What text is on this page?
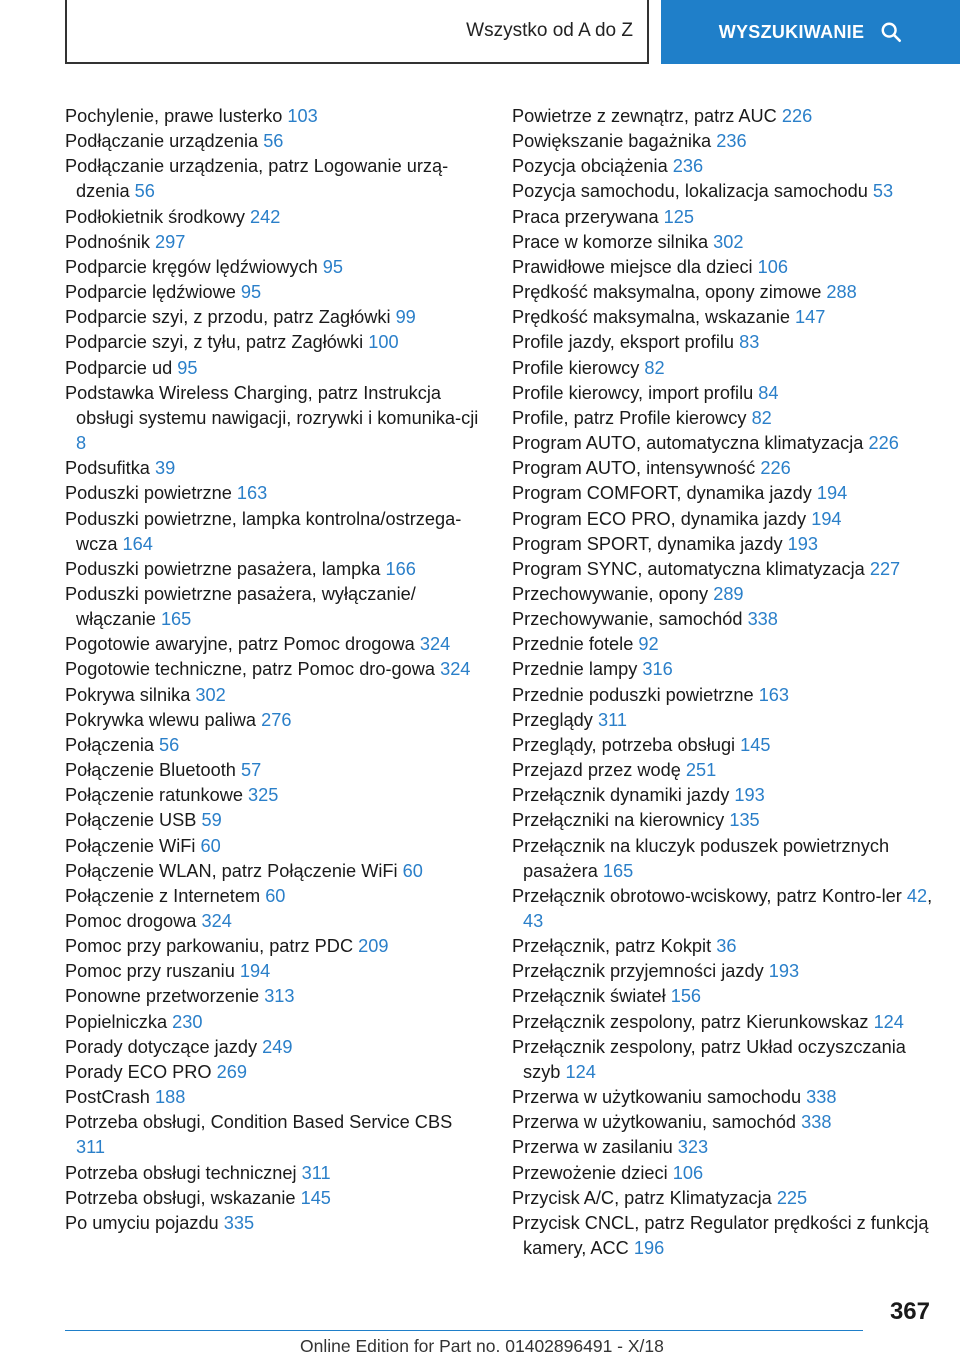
Wszystko od A do Z	WYSZUKIWANIE
Pochylenie, prawe lusterko 103
Podłączanie urządzenia 56
Podłączanie urządzenia, patrz Logowanie urzą‐dzenia 56
Podłokietnik środkowy 242
Podnośnik 297
Podparcie kręgów lędźwiowych 95
Podparcie lędźwiowe 95
Podparcie szyi, z przodu, patrz Zagłówki 99
Podparcie szyi, z tyłu, patrz Zagłówki 100
Podparcie ud 95
Podstawka Wireless Charging, patrz Instrukcja obsługi systemu nawigacji, rozrywki i komunika‐cji 8
Podsufitka 39
Poduszki powietrzne 163
Poduszki powietrzne, lampka kontrolna/ostrzega‐wcza 164
Poduszki powietrzne pasażera, lampka 166
Poduszki powietrzne pasażera, wyłączanie/ włączanie 165
Pogotowie awaryjne, patrz Pomoc drogowa 324
Pogotowie techniczne, patrz Pomoc dro‐gowa 324
Pokrywa silnika 302
Pokrywka wlewu paliwa 276
Połączenia 56
Połączenie Bluetooth 57
Połączenie ratunkowe 325
Połączenie USB 59
Połączenie WiFi 60
Połączenie WLAN, patrz Połączenie WiFi 60
Połączenie z Internetem 60
Pomoc drogowa 324
Pomoc przy parkowaniu, patrz PDC 209
Pomoc przy ruszaniu 194
Ponowne przetworzenie 313
Popielniczka 230
Porady dotyczące jazdy 249
Porady ECO PRO 269
PostCrash 188
Potrzeba obsługi, Condition Based Service CBS 311
Potrzeba obsługi technicznej 311
Potrzeba obsługi, wskazanie 145
Po umyciu pojazdu 335
Powietrze z zewnątrz, patrz AUC 226
Powiększanie bagażnika 236
Pozycja obciążenia 236
Pozycja samochodu, lokalizacja samochodu 53
Praca przerywana 125
Prace w komorze silnika 302
Prawidłowe miejsce dla dzieci 106
Prędkość maksymalna, opony zimowe 288
Prędkość maksymalna, wskazanie 147
Profile jazdy, eksport profilu 83
Profile kierowcy 82
Profile kierowcy, import profilu 84
Profile, patrz Profile kierowcy 82
Program AUTO, automatyczna klimatyzacja 226
Program AUTO, intensywność 226
Program COMFORT, dynamika jazdy 194
Program ECO PRO, dynamika jazdy 194
Program SPORT, dynamika jazdy 193
Program SYNC, automatyczna klimatyzacja 227
Przechowywanie, opony 289
Przechowywanie, samochód 338
Przednie fotele 92
Przednie lampy 316
Przednie poduszki powietrzne 163
Przeglądy 311
Przeglądy, potrzeba obsługi 145
Przejazd przez wodę 251
Przełącznik dynamiki jazdy 193
Przełączniki na kierownicy 135
Przełącznik na kluczyk poduszek powietrznych pasażera 165
Przełącznik obrotowo-wciskowy, patrz Kontro‐ler 42, 43
Przełącznik, patrz Kokpit 36
Przełącznik przyjemności jazdy 193
Przełącznik świateł 156
Przełącznik zespolony, patrz Kierunkowskaz 124
Przełącznik zespolony, patrz Układ oczyszczania szyb 124
Przerwa w użytkowaniu samochodu 338
Przerwa w użytkowaniu, samochód 338
Przerwa w zasilaniu 323
Przewożenie dzieci 106
Przycisk A/C, patrz Klimatyzacja 225
Przycisk CNCL, patrz Regulator prędkości z funkcją kamery, ACC 196
367
Online Edition for Part no. 01402896491 - X/18
